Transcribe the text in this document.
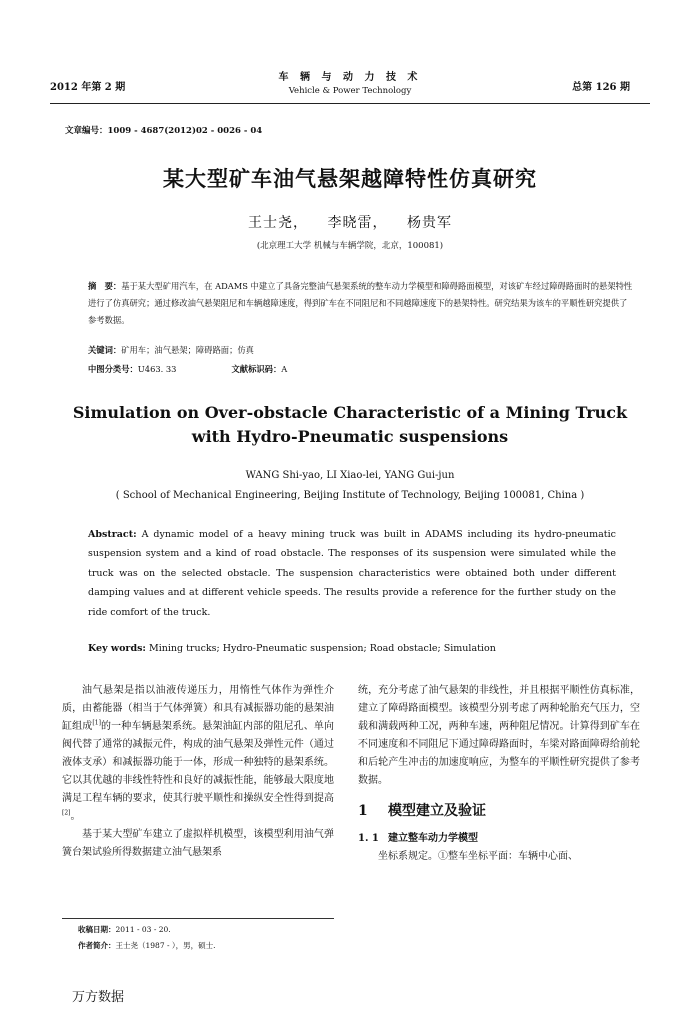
2012 年第 2 期
车 辆 与 动 力 技 术
Vehicle & Power Technology	总第 126 期
文章编号：1009 - 4687(2012)02 - 0026 - 04
某大型矿车油气悬架越障特性仿真研究
王士尧， 李晓雷， 杨贵军
(北京理工大学 机械与车辆学院，北京，100081)
摘　要：基于某大型矿用汽车，在 ADAMS 中建立了具备完整油气悬架系统的整车动力学模型和障碍路面模型，对该矿车经过障碍路面时的悬架特性进行了仿真研究；通过修改油气悬架阻尼和车辆越障速度，得到矿车在不同阻尼和不同越障速度下的悬架特性。研究结果为该车的平顺性研究提供了参考数据。
关键词：矿用车；油气悬架；障碍路面；仿真
中图分类号：U463. 33	文献标识码：A
Simulation on Over-obstacle Characteristic of a Mining Truck
with Hydro-Pneumatic suspensions
WANG Shi-yao, LI Xiao-lei, YANG Gui-jun
( School of Mechanical Engineering, Beijing Institute of Technology, Beijing 100081, China )
Abstract: A dynamic model of a heavy mining truck was built in ADAMS including its hydro-pneumatic suspension system and a kind of road obstacle. The responses of its suspension were simulated while the truck was on the selected obstacle. The suspension characteristics were obtained both under different damping values and at different vehicle speeds. The results provide a reference for the further study on the ride comfort of the truck.
Key words: Mining trucks; Hydro-Pneumatic suspension; Road obstacle; Simulation

油气悬架是指以油液传递压力，用惰性气体作为弹性介质，由蓄能器（相当于气体弹簧）和具有减振器功能的悬架油缸组成[1]的一种车辆悬架系统。悬架油缸内部的阻尼孔、单向阀代替了通常的减振元件，构成的油气悬架及弹性元件（通过液体支承）和减振器功能于一体，形成一种独特的悬架系统。它以其优越的非线性特性和良好的减振性能，能够最大限度地满足工程车辆的要求，使其行驶平顺性和操纵安全性得到提高[2]。

基于某大型矿车建立了虚拟样机模型，该模型利用油气弹簧台架试验所得数据建立油气悬架系

统，充分考虑了油气悬架的非线性，并且根据平顺性仿真标准，建立了障碍路面模型。该模型分别考虑了两种轮胎充气压力，空载和满载两种工况，两种车速，两种阻尼情况。计算得到矿车在不同速度和不同阻尼下通过障碍路面时，车梁对路面障碍给前轮和后轮产生冲击的加速度响应，为整车的平顺性研究提供了参考数据。

1 模型建立及验证
1. 1 建立整车动力学模型

坐标系规定。①整车坐标平面：车辆中心面、

收稿日期：2011 - 03 - 20.
作者简介：王士尧（1987 - ），男，硕士.
万方数据
